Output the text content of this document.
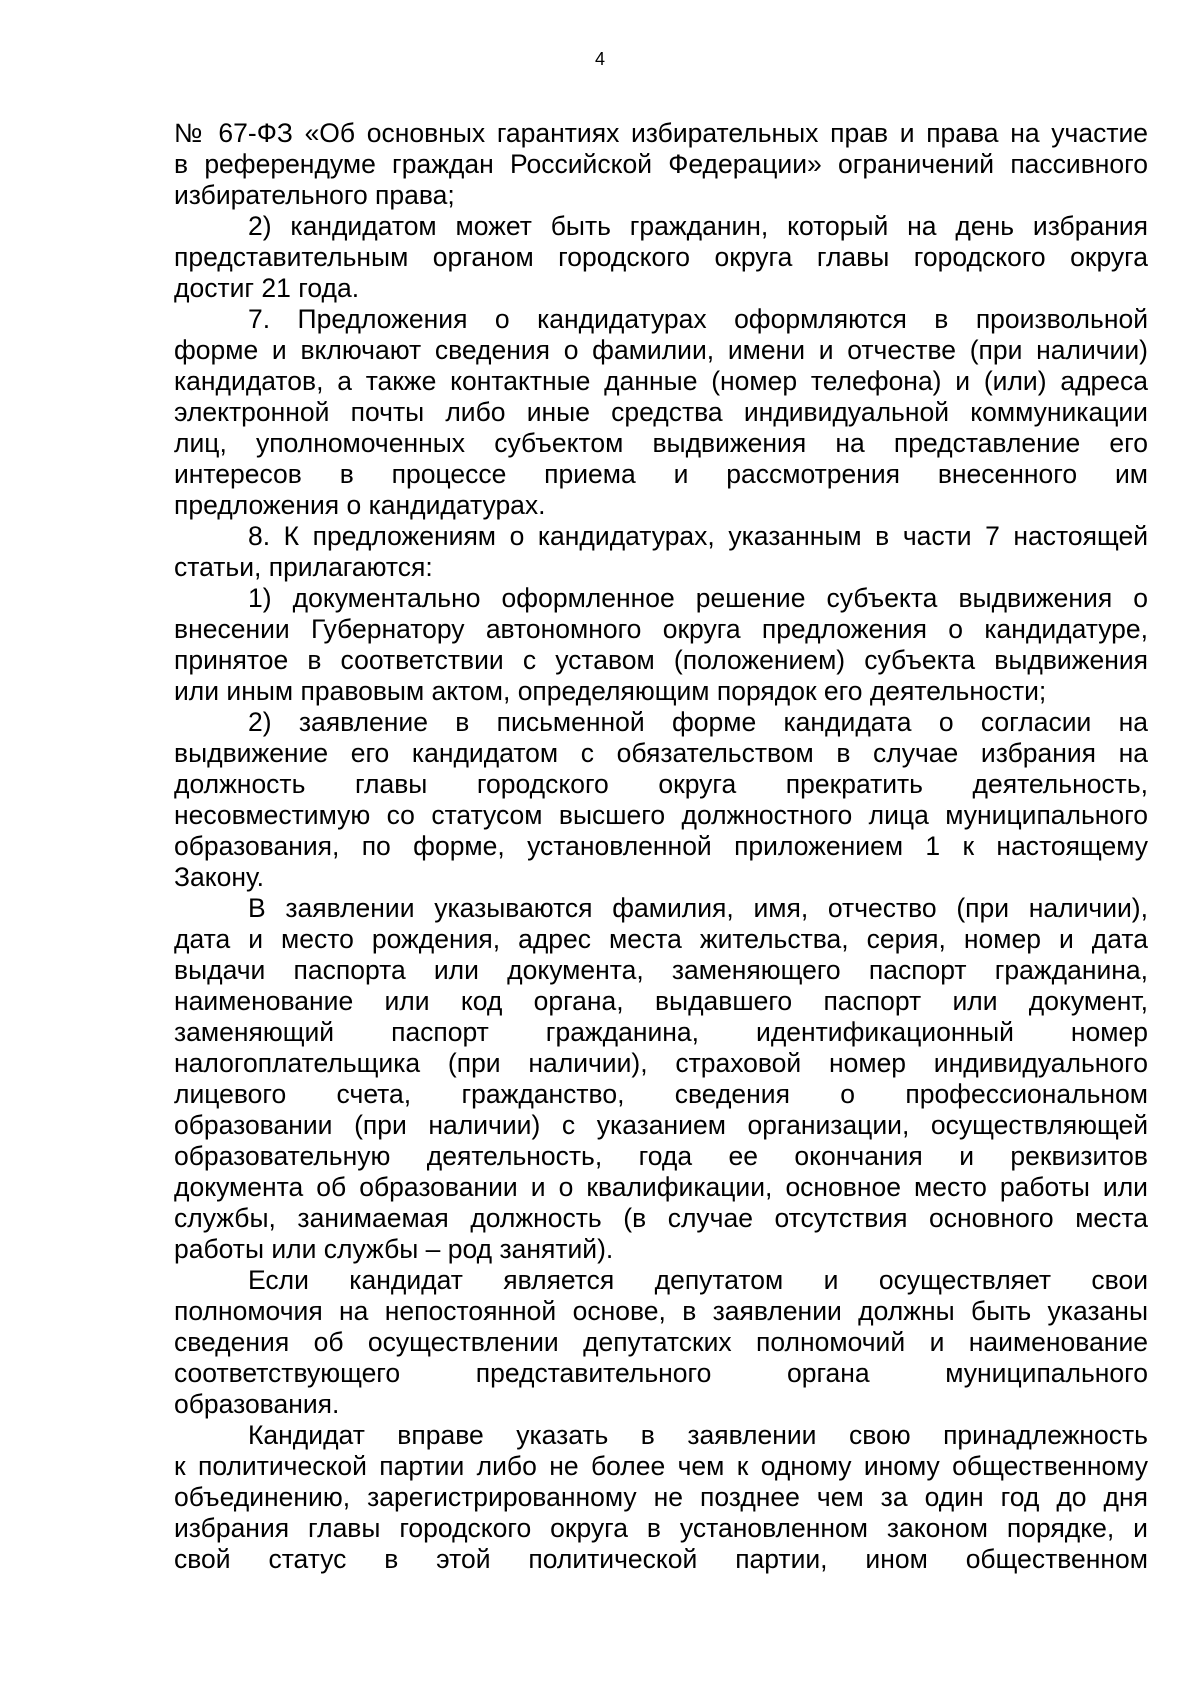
4
№ 67-ФЗ «Об основных гарантиях избирательных прав и права на участие
в референдуме граждан Российской Федерации» ограничений пассивного
избирательного права;
2) кандидатом может быть гражданин, который на день избрания
представительным органом городского округа главы городского округа
достиг 21 года.
7. Предложения о кандидатурах оформляются в произвольной
форме и включают сведения о фамилии, имени и отчестве (при наличии)
кандидатов, а также контактные данные (номер телефона) и (или) адреса
электронной почты либо иные средства индивидуальной коммуникации
лиц, уполномоченных субъектом выдвижения на представление его
интересов в процессе приема и рассмотрения внесенного им
предложения о кандидатурах.
8. К предложениям о кандидатурах, указанным в части 7 настоящей
статьи, прилагаются:
1) документально оформленное решение субъекта выдвижения о
внесении Губернатору автономного округа предложения о кандидатуре,
принятое в соответствии с уставом (положением) субъекта выдвижения
или иным правовым актом, определяющим порядок его деятельности;
2) заявление в письменной форме кандидата о согласии на
выдвижение его кандидатом с обязательством в случае избрания на
должность главы городского округа прекратить деятельность,
несовместимую со статусом высшего должностного лица муниципального
образования, по форме, установленной приложением 1 к настоящему
Закону.
В заявлении указываются фамилия, имя, отчество (при наличии),
дата и место рождения, адрес места жительства, серия, номер и дата
выдачи паспорта или документа, заменяющего паспорт гражданина,
наименование или код органа, выдавшего паспорт или документ,
заменяющий паспорт гражданина, идентификационный номер
налогоплательщика (при наличии), страховой номер индивидуального
лицевого счета, гражданство, сведения о профессиональном
образовании (при наличии) с указанием организации, осуществляющей
образовательную деятельность, года ее окончания и реквизитов
документа об образовании и о квалификации, основное место работы или
службы, занимаемая должность (в случае отсутствия основного места
работы или службы – род занятий).
Если кандидат является депутатом и осуществляет свои
полномочия на непостоянной основе, в заявлении должны быть указаны
сведения об осуществлении депутатских полномочий и наименование
соответствующего представительного органа муниципального
образования.
Кандидат вправе указать в заявлении свою принадлежность
к политической партии либо не более чем к одному иному общественному
объединению, зарегистрированному не позднее чем за один год до дня
избрания главы городского округа в установленном законом порядке, и
свой статус в этой политической партии, ином общественном
